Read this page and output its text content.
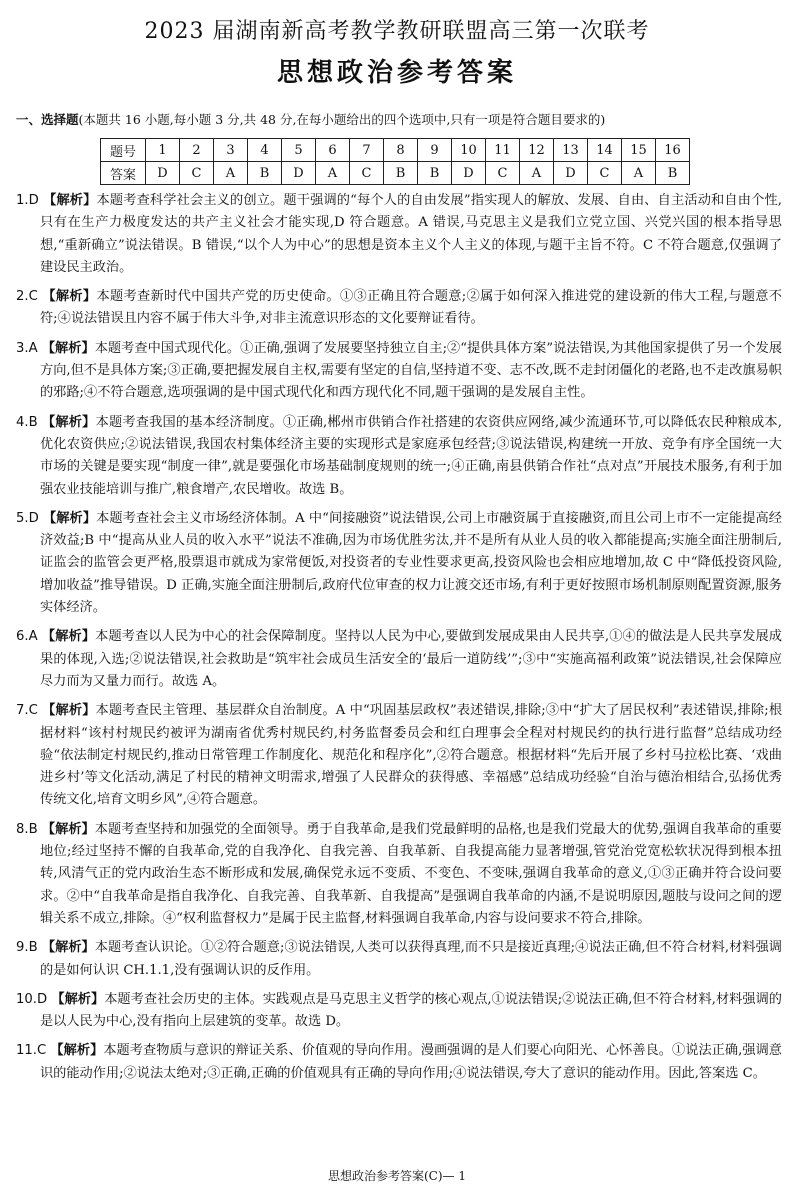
2023 届湖南新高考教学教研联盟高三第一次联考
思想政治参考答案
一、选择题(本题共 16 小题,每小题 3 分,共 48 分,在每小题给出的四个选项中,只有一项是符合题目要求的)
题号	1	2	3	4	5	6	7	8	9	10	11	12	13	14	15	16
答案	D	C	A	B	D	A	C	B	B	D	C	A	D	C	A	B
1.D 【解析】本题考查科学社会主义的创立。题干强调的“每个人的自由发展”指实现人的解放、发展、自由、自主活动和自由个性,只有在生产力极度发达的共产主义社会才能实现,D 符合题意。A 错误,马克思主义是我们立党立国、兴党兴国的根本指导思想,“重新确立”说法错误。B 错误,“以个人为中心”的思想是资本主义个人主义的体现,与题干主旨不符。C 不符合题意,仅强调了建设民主政治。
2.C 【解析】本题考查新时代中国共产党的历史使命。①③正确且符合题意;②属于如何深入推进党的建设新的伟大工程,与题意不符;④说法错误且内容不属于伟大斗争,对非主流意识形态的文化要辩证看待。
3.A 【解析】本题考查中国式现代化。①正确,强调了发展要坚持独立自主;②“提供具体方案”说法错误,为其他国家提供了另一个发展方向,但不是具体方案;③正确,要把握发展自主权,需要有坚定的自信,坚持道不变、志不改,既不走封闭僵化的老路,也不走改旗易帜的邪路;④不符合题意,选项强调的是中国式现代化和西方现代化不同,题干强调的是发展自主性。
4.B 【解析】本题考查我国的基本经济制度。①正确,郴州市供销合作社搭建的农资供应网络,减少流通环节,可以降低农民种粮成本,优化农资供应;②说法错误,我国农村集体经济主要的实现形式是家庭承包经营;③说法错误,构建统一开放、竞争有序全国统一大市场的关键是要实现“制度一律”,就是要强化市场基础制度规则的统一;④正确,南县供销合作社“点对点”开展技术服务,有利于加强农业技能培训与推广,粮食增产,农民增收。故选 B。
5.D 【解析】本题考查社会主义市场经济体制。A 中“间接融资”说法错误,公司上市融资属于直接融资,而且公司上市不一定能提高经济效益;B 中“提高从业人员的收入水平”说法不准确,因为市场优胜劣汰,并不是所有从业人员的收入都能提高;实施全面注册制后,证监会的监管会更严格,股票退市就成为家常便饭,对投资者的专业性要求更高,投资风险也会相应地增加,故 C 中“降低投资风险,增加收益”推导错误。D 正确,实施全面注册制后,政府代位审查的权力让渡交还市场,有利于更好按照市场机制原则配置资源,服务实体经济。
6.A 【解析】本题考查以人民为中心的社会保障制度。坚持以人民为中心,要做到发展成果由人民共享,①④的做法是人民共享发展成果的体现,入选;②说法错误,社会救助是“筑牢社会成员生活安全的‘最后一道防线’”;③中“实施高福利政策”说法错误,社会保障应尽力而为又量力而行。故选 A。
7.C 【解析】本题考查民主管理、基层群众自治制度。A 中“巩固基层政权”表述错误,排除;③中“扩大了居民权利”表述错误,排除;根据材料“该村村规民约被评为湖南省优秀村规民约,村务监督委员会和红白理事会全程对村规民约的执行进行监督”总结成功经验“依法制定村规民约,推动日常管理工作制度化、规范化和程序化”,②符合题意。根据材料“先后开展了乡村马拉松比赛、‘戏曲进乡村’等文化活动,满足了村民的精神文明需求,增强了人民群众的获得感、幸福感”总结成功经验“自治与德治相结合,弘扬优秀传统文化,培育文明乡风”,④符合题意。
8.B 【解析】本题考查坚持和加强党的全面领导。勇于自我革命,是我们党最鲜明的品格,也是我们党最大的优势,强调自我革命的重要地位;经过坚持不懈的自我革命,党的自我净化、自我完善、自我革新、自我提高能力显著增强,管党治党宽松软状况得到根本扭转,风清气正的党内政治生态不断形成和发展,确保党永远不变质、不变色、不变味,强调自我革命的意义,①③正确并符合设问要求。②中“自我革命是指自我净化、自我完善、自我革新、自我提高”是强调自我革命的内涵,不是说明原因,题肢与设问之间的逻辑关系不成立,排除。④“权利监督权力”是属于民主监督,材料强调自我革命,内容与设问要求不符合,排除。
9.B 【解析】本题考查认识论。①②符合题意;③说法错误,人类可以获得真理,而不只是接近真理;④说法正确,但不符合材料,材料强调的是如何认识 CH.1.1,没有强调认识的反作用。
10.D 【解析】本题考查社会历史的主体。实践观点是马克思主义哲学的核心观点,①说法错误;②说法正确,但不符合材料,材料强调的是以人民为中心,没有指向上层建筑的变革。故选 D。
11.C 【解析】本题考查物质与意识的辩证关系、价值观的导向作用。漫画强调的是人们要心向阳光、心怀善良。①说法正确,强调意识的能动作用;②说法太绝对;③正确,正确的价值观具有正确的导向作用;④说法错误,夸大了意识的能动作用。因此,答案选 C。
思想政治参考答案(C)— 1
